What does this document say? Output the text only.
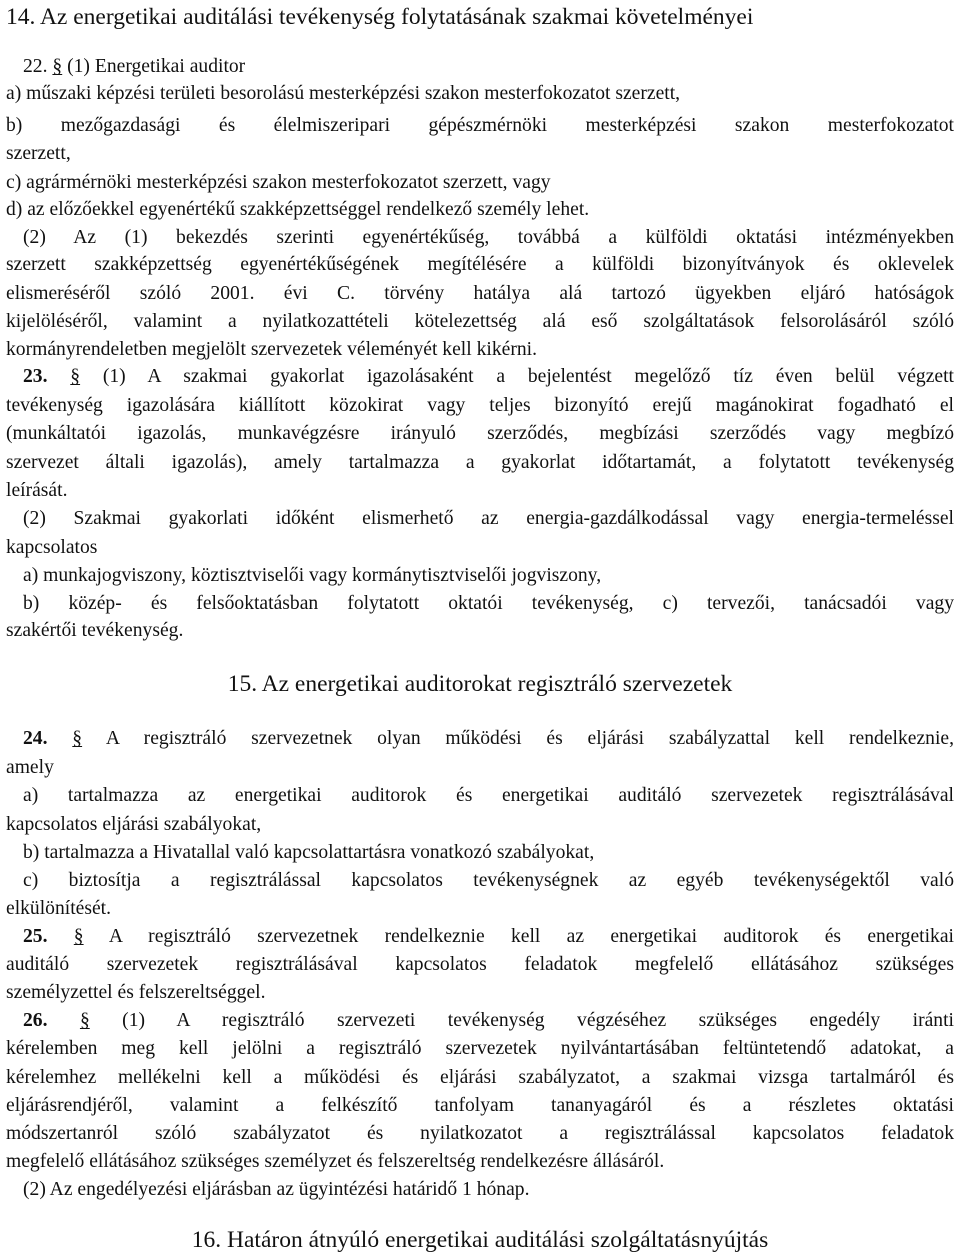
14. Az energetikai auditálási tevékenység folytatásának szakmai követelményei
22. § (1) Energetikai auditor
a) műszaki képzési területi besorolású mesterképzési szakon mesterfokozatot szerzett,
b) mezőgazdasági és élelmiszeripari gépészmérnöki mesterképzési szakon mesterfokozatot
szerzett,
c) agrármérnöki mesterképzési szakon mesterfokozatot szerzett, vagy
d) az előzőekkel egyenértékű szakképzettséggel rendelkező személy lehet.
(2) Az (1) bekezdés szerinti egyenértékűség, továbbá a külföldi oktatási intézményekben
szerzett szakképzettség egyenértékűségének megítélésére a külföldi bizonyítványok és oklevelek
elismeréséről szóló 2001. évi C. törvény hatálya alá tartozó ügyekben eljáró hatóságok
kijelöléséről, valamint a nyilatkozattételi kötelezettség alá eső szolgáltatások felsorolásáról szóló
kormányrendeletben megjelölt szervezetek véleményét kell kikérni.
23. § (1) A szakmai gyakorlat igazolásaként a bejelentést megelőző tíz éven belül végzett
tevékenység igazolására kiállított közokirat vagy teljes bizonyító erejű magánokirat fogadható el
(munkáltatói igazolás, munkavégzésre irányuló szerződés, megbízási szerződés vagy megbízó
szervezet általi igazolás), amely tartalmazza a gyakorlat időtartamát, a folytatott tevékenység
leírását.
(2) Szakmai gyakorlati időként elismerhető az energia-gazdálkodással vagy energia-termeléssel
kapcsolatos
a) munkajogviszony, köztisztviselői vagy kormánytisztviselői jogviszony,
b) közép- és felsőoktatásban folytatott oktatói tevékenység, c) tervezői, tanácsadói vagy
szakértői tevékenység.
15. Az energetikai auditorokat regisztráló szervezetek
24. § A regisztráló szervezetnek olyan működési és eljárási szabályzattal kell rendelkeznie,
amely
a) tartalmazza az energetikai auditorok és energetikai auditáló szervezetek regisztrálásával
kapcsolatos eljárási szabályokat,
b) tartalmazza a Hivatallal való kapcsolattartásra vonatkozó szabályokat,
c) biztosítja a regisztrálással kapcsolatos tevékenységnek az egyéb tevékenységektől való
elkülönítését.
25. § A regisztráló szervezetnek rendelkeznie kell az energetikai auditorok és energetikai
auditáló szervezetek regisztrálásával kapcsolatos feladatok megfelelő ellátásához szükséges
személyzettel és felszereltséggel.
26. § (1) A regisztráló szervezeti tevékenység végzéséhez szükséges engedély iránti
kérelemben meg kell jelölni a regisztráló szervezetek nyilvántartásában feltüntetendő adatokat, a
kérelemhez mellékelni kell a működési és eljárási szabályzatot, a szakmai vizsga tartalmáról és
eljárásrendjéről, valamint a felkészítő tanfolyam tananyagáról és a részletes oktatási
módszertanról szóló szabályzatot és nyilatkozatot a regisztrálással kapcsolatos feladatok
megfelelő ellátásához szükséges személyzet és felszereltség rendelkezésre állásáról.
(2) Az engedélyezési eljárásban az ügyintézési határidő 1 hónap.
16. Határon átnyúló energetikai auditálási szolgáltatásnyújtás
